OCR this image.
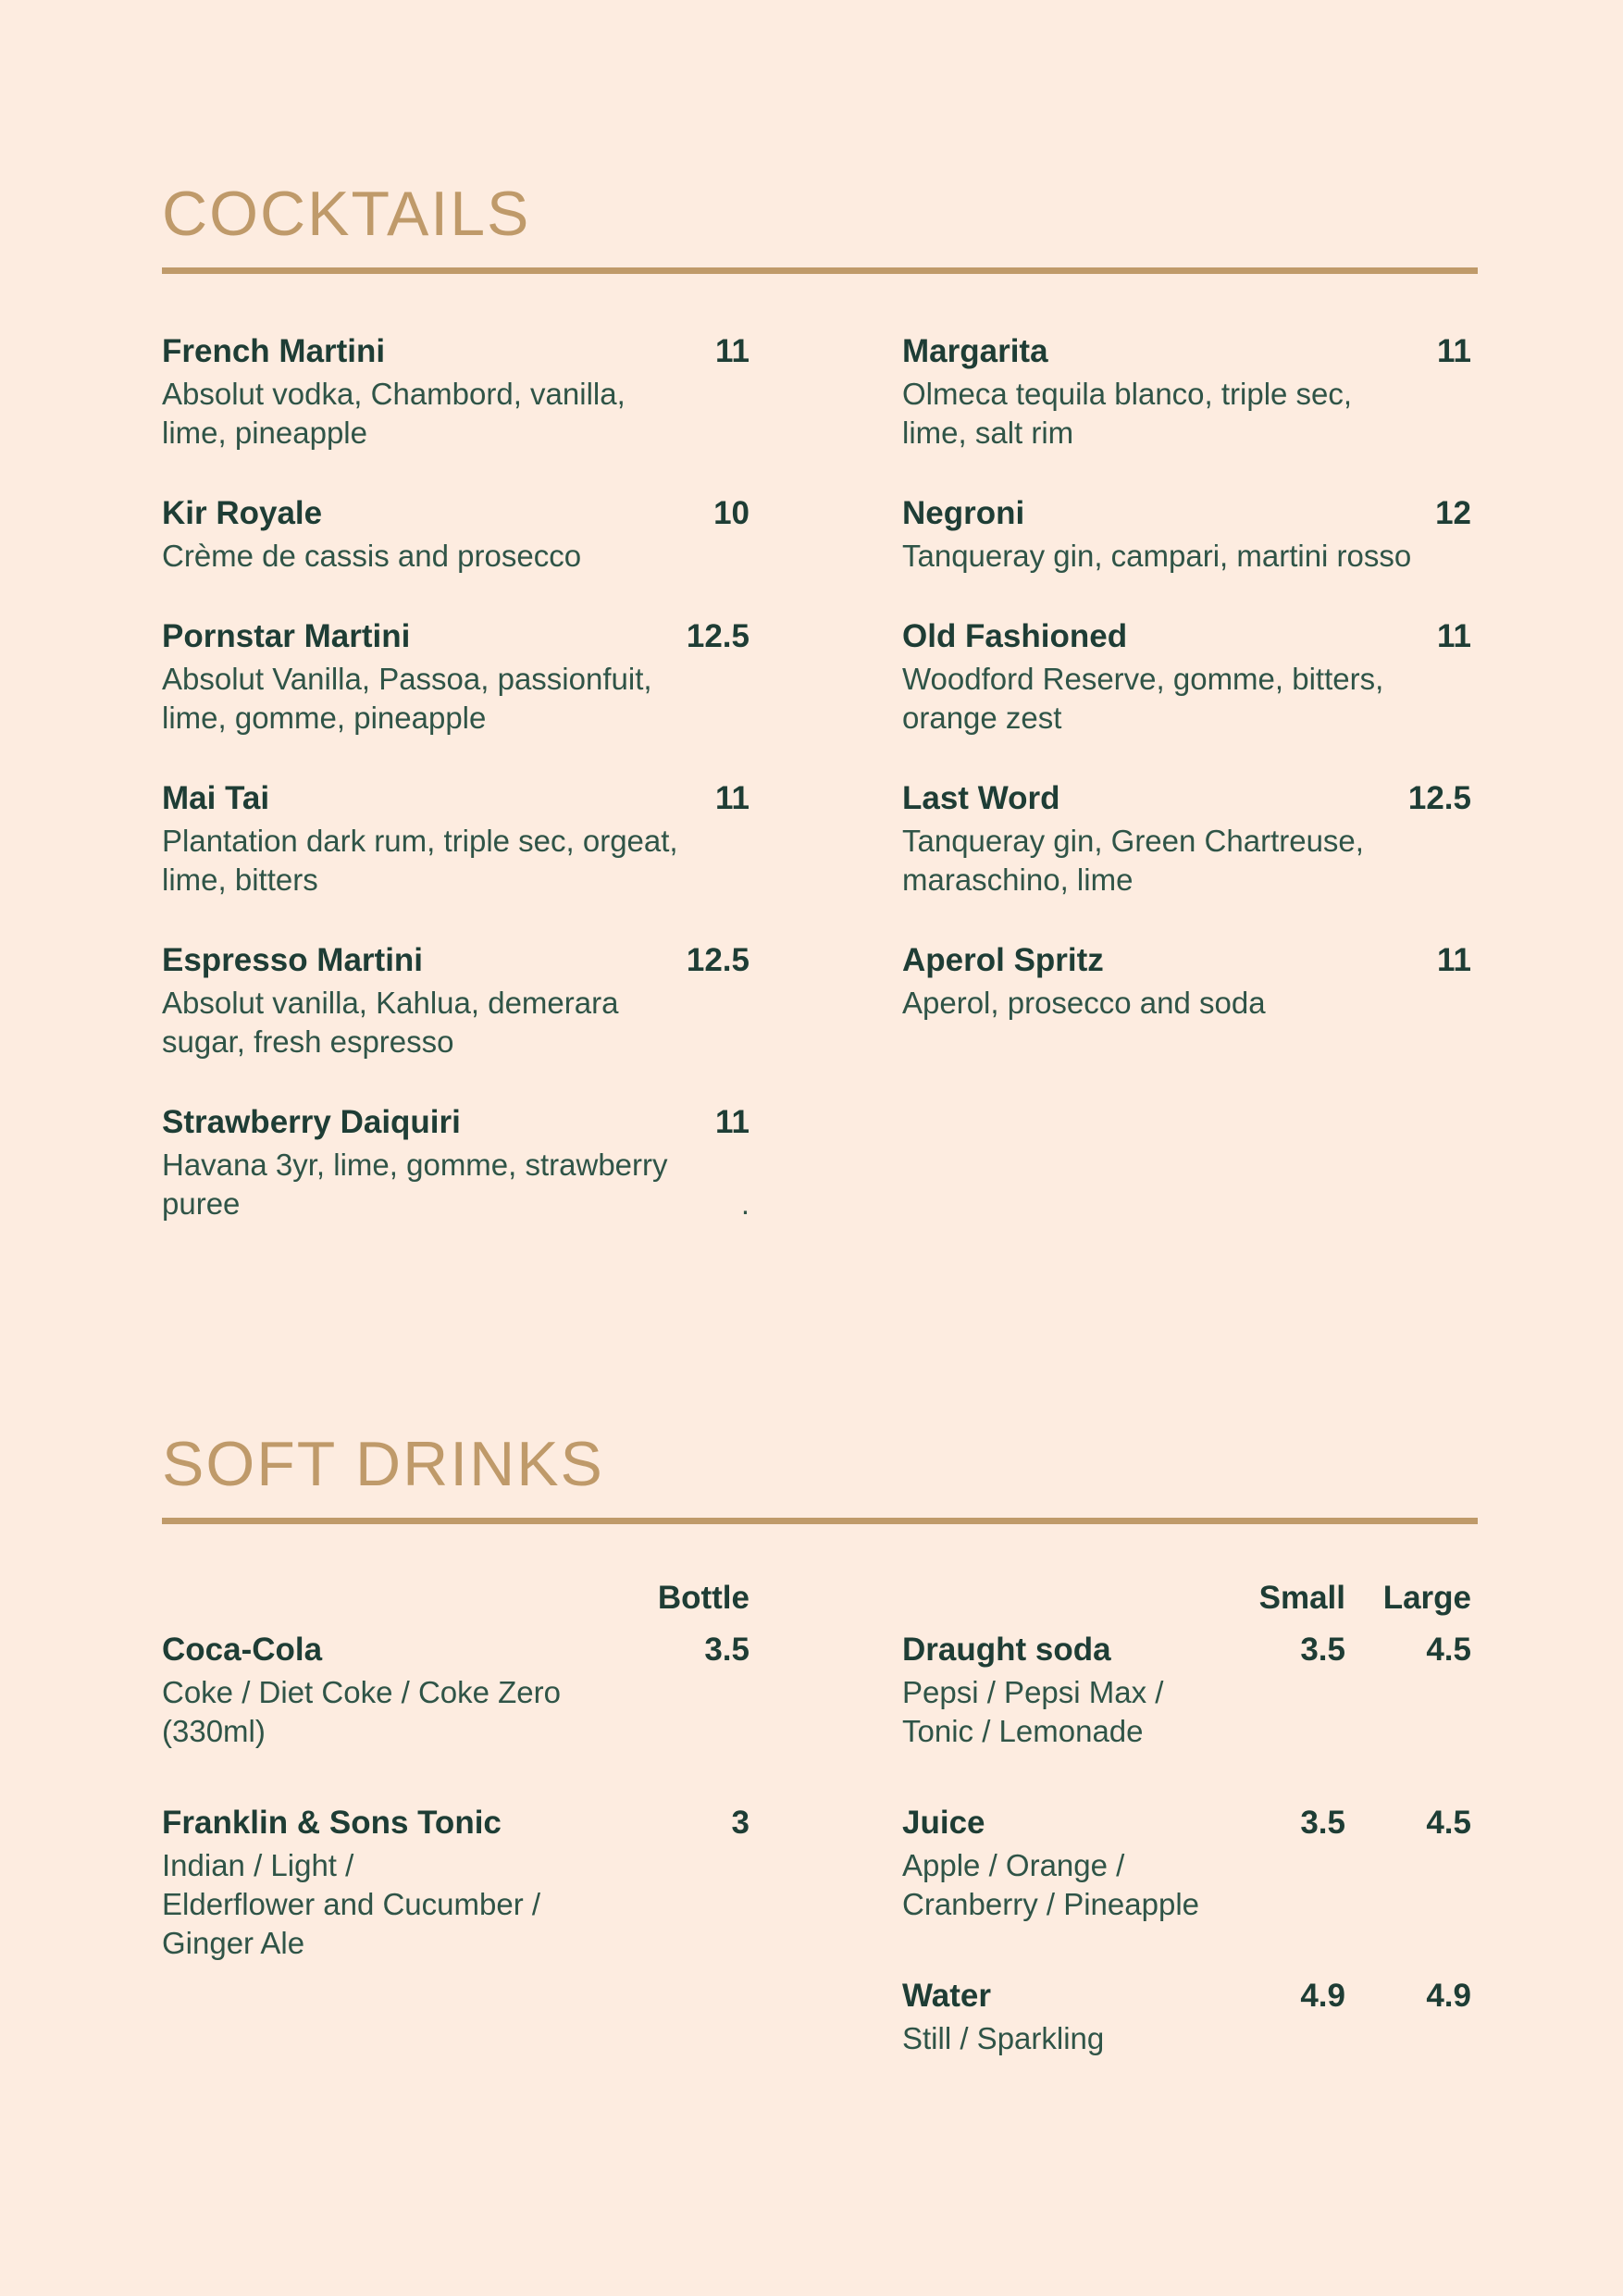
COCKTAILS
French Martini	11
Absolut vodka, Chambord, vanilla,
lime, pineapple
Kir Royale	10
Crème de cassis and prosecco
Pornstar Martini	12.5
Absolut Vanilla, Passoa, passionfuit,
lime, gomme, pineapple
Mai Tai	11
Plantation dark rum, triple sec, orgeat,
lime, bitters
Espresso Martini	12.5
Absolut vanilla, Kahlua, demerara
sugar, fresh espresso
Strawberry Daiquiri	11
Havana 3yr, lime, gomme, strawberry
puree	.
Margarita	11
Olmeca tequila blanco, triple sec,
lime, salt rim
Negroni	12
Tanqueray gin, campari, martini rosso
Old Fashioned	11
Woodford Reserve, gomme, bitters,
orange zest
Last Word	12.5
Tanqueray gin, Green Chartreuse,
maraschino, lime
Aperol Spritz	11
Aperol, prosecco and soda
SOFT DRINKS
Bottle
Coca-Cola	3.5
Coke / Diet Coke / Coke Zero
(330ml)
Franklin & Sons Tonic	3
Indian / Light /
Elderflower and Cucumber /
Ginger Ale
Small	Large
Draught soda	3.5	4.5
Pepsi / Pepsi Max /
Tonic / Lemonade
Juice	3.5	4.5
Apple / Orange /
Cranberry / Pineapple
Water	4.9	4.9
Still / Sparkling
